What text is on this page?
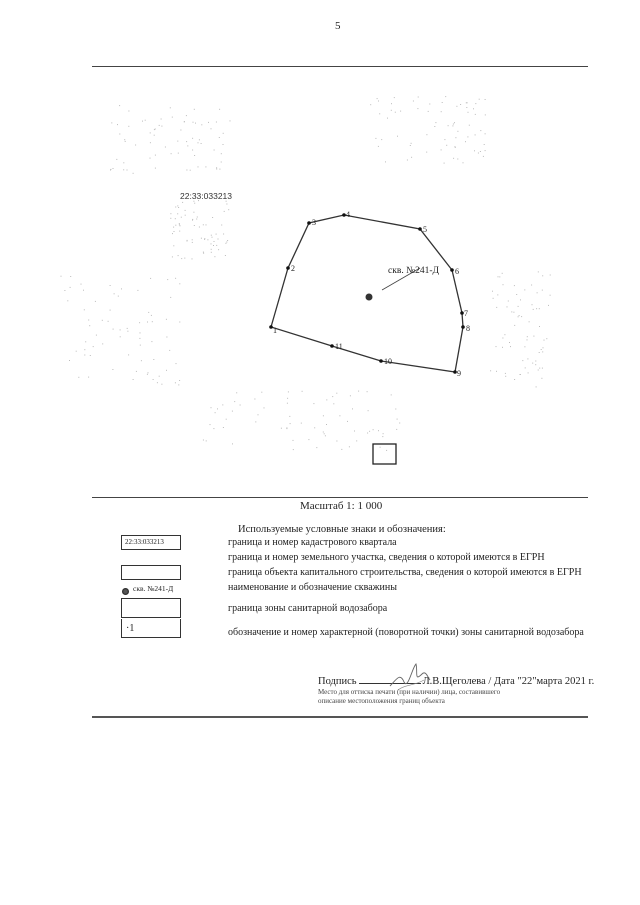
5
скв. №241-Д
22:33:033213
1
2
3
4
5
6
7
8
9
10
11
Масштаб 1: 1 000
Используемые условные знаки и обозначения:
22:33:033213
скв. №241-Д
·1
граница и номер кадастрового квартала
граница и номер земельного участка, сведения о которой имеются в ЕГРН
граница объекта капитального строительства, сведения о которой имеются в ЕГРН
наименование и обозначение скважины
граница зоны санитарной водозабора
обозначение и номер характерной (поворотной точки) зоны санитарной водозабора
Подпись	Л.В.Щеголева / Дата "22"марта 2021 г.
Место для оттиска печати (при наличии) лица, составившего
описание местоположения границ объекта
